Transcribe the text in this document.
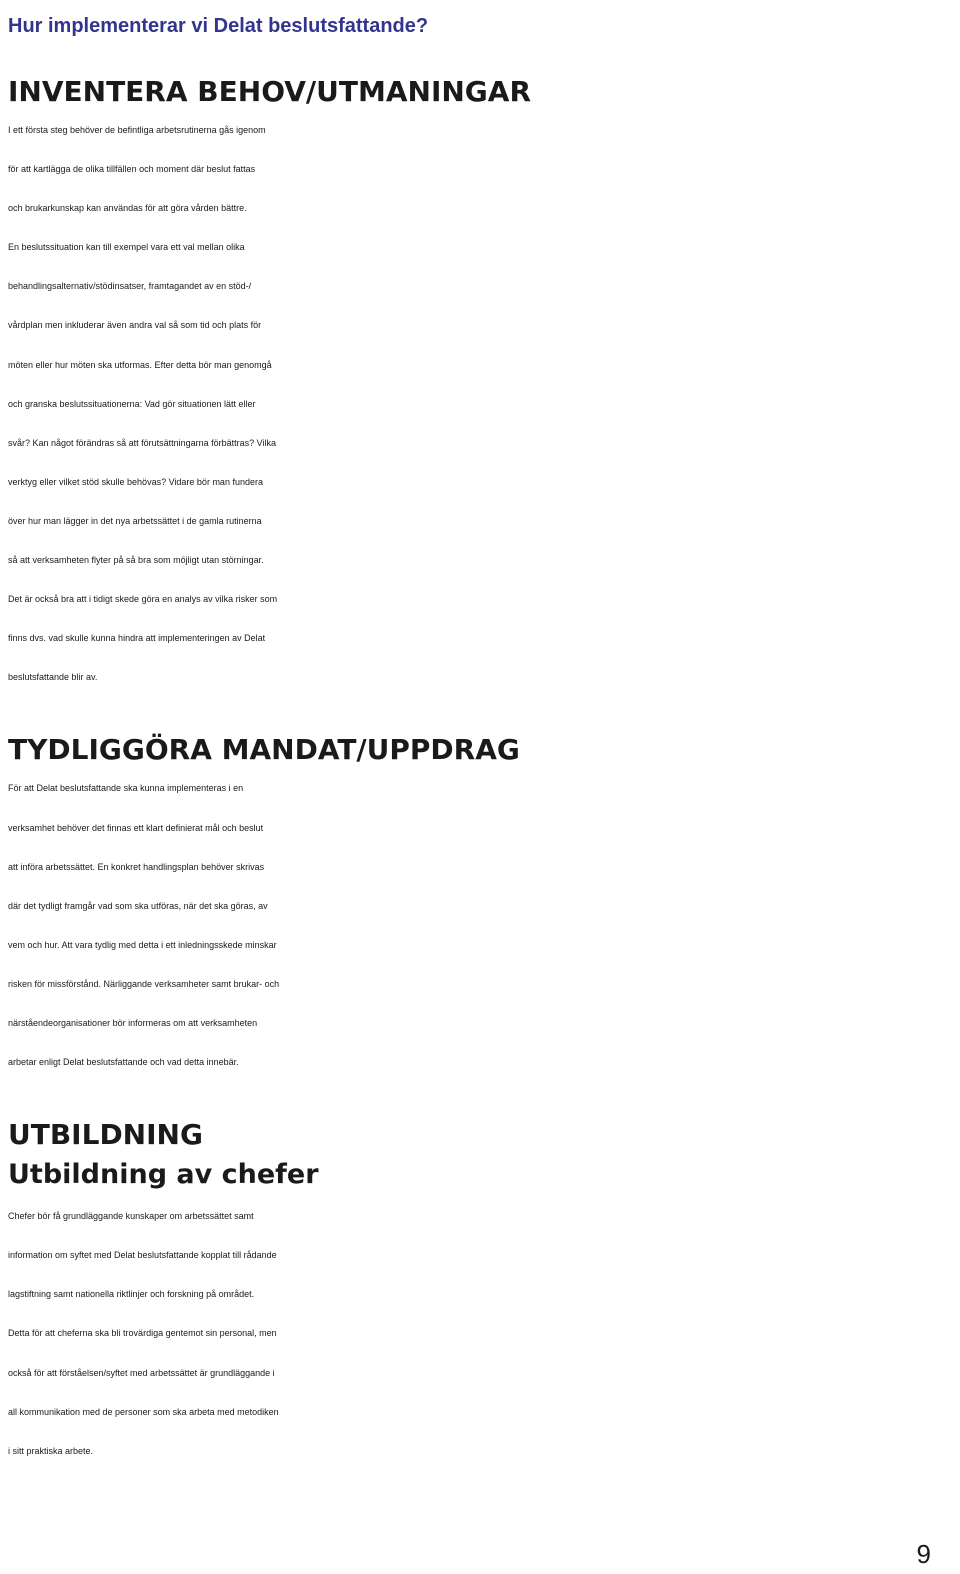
Hur implementerar vi Delat beslutsfattande?
INVENTERA BEHOV/UTMANINGAR
I ett första steg behöver de befintliga arbetsrutinerna gås igenom
för att kartlägga de olika tillfällen och moment där beslut fattas
och brukarkunskap kan användas för att göra vården bättre.
En beslutssituation kan till exempel vara ett val mellan olika
behandlingsalternativ/stödinsatser, framtagandet av en stöd-/
vårdplan men inkluderar även andra val så som tid och plats för
möten eller hur möten ska utformas. Efter detta bör man genomgå
och granska beslutssituationerna: Vad gör situationen lätt eller
svår? Kan något förändras så att förutsättningarna förbättras? Vilka
verktyg eller vilket stöd skulle behövas? Vidare bör man fundera
över hur man lägger in det nya arbetssättet i de gamla rutinerna
så att verksamheten flyter på så bra som möjligt utan störningar.
Det är också bra att i tidigt skede göra en analys av vilka risker som
finns dvs. vad skulle kunna hindra att implementeringen av Delat
beslutsfattande blir av.
TYDLIGGÖRA MANDAT/UPPDRAG
För att Delat beslutsfattande ska kunna implementeras i en
verksamhet behöver det finnas ett klart definierat mål och beslut
att införa arbetssättet. En konkret handlingsplan behöver skrivas
där det tydligt framgår vad som ska utföras, när det ska göras, av
vem och hur. Att vara tydlig med detta i ett inledningsskede minskar
risken för missförstånd. Närliggande verksamheter samt brukar- och
närståendeorganisationer bör informeras om att verksamheten
arbetar enligt Delat beslutsfattande och vad detta innebär.
UTBILDNING
Utbildning av chefer
Chefer bör få grundläggande kunskaper om arbetssättet samt
information om syftet med Delat beslutsfattande kopplat till rådande
lagstiftning samt nationella riktlinjer och forskning på området.
Detta för att cheferna ska bli trovärdiga gentemot sin personal, men
också för att förståelsen/syftet med arbetssättet är grundläggande i
all kommunikation med de personer som ska arbeta med metodiken
i sitt praktiska arbete.
9
